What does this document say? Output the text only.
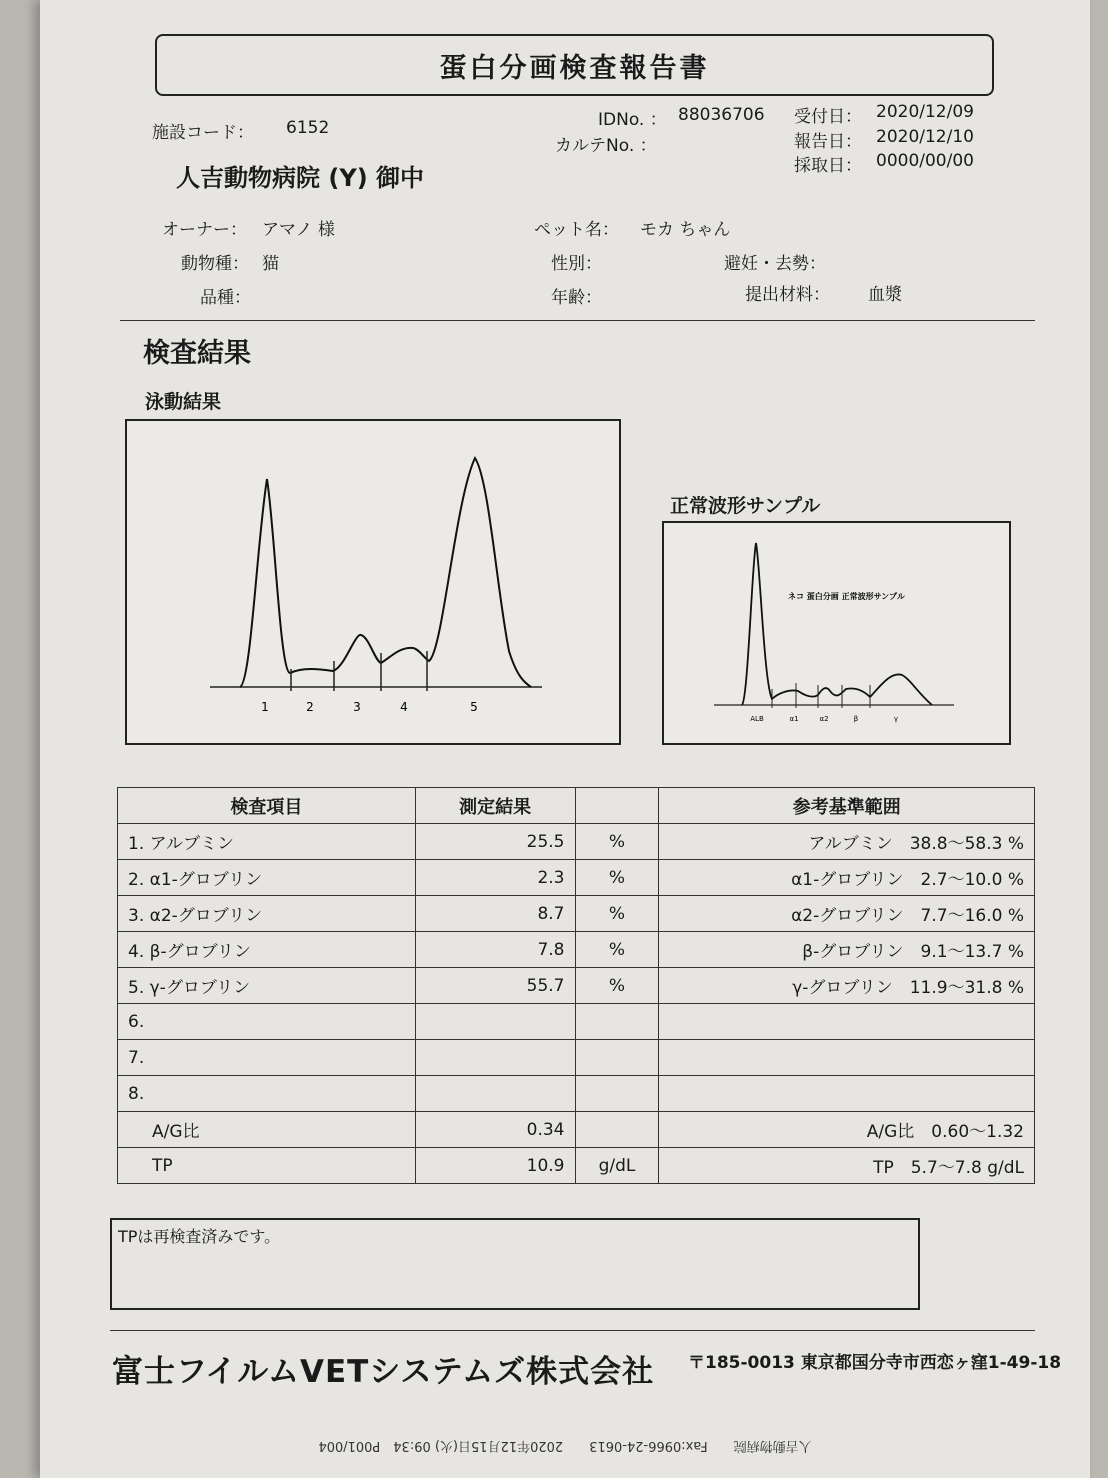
蛋白分画検査報告書
施設コード： 6152	IDNo. ： 88036706
カルテNo. ：
受付日： 2020/12/09
報告日： 2020/12/10
採取日： 0000/00/00
人吉動物病院 (Y) 御中
オーナー： アマノ 様	ペット名： モカ ちゃん
動物種： 猫	性別：	避妊・去勢：
品種：	年齢：	提出材料： 血漿
検査結果
泳動結果
1	2	3	4	5
正常波形サンプル
ネコ 蛋白分画 正常波形サンプル
ALB	α1	α2	β	γ
検査項目	測定結果		参考基準範囲
1. アルブミン	25.5	%	アルブミン　38.8～58.3 %
2. α1-グロブリン	2.3	%	α1-グロブリン　2.7～10.0 %
3. α2-グロブリン	8.7	%	α2-グロブリン　7.7～16.0 %
4. β-グロブリン	7.8	%	β-グロブリン　9.1～13.7 %
5. γ-グロブリン	55.7	%	γ-グロブリン　11.9～31.8 %
6.			
7.			
8.			
A/G比	0.34		A/G比　0.60～1.32
TP	10.9	g/dL	TP　5.7～7.8 g/dL
TPは再検査済みです。
富士フイルムVETシステムズ株式会社 〒185-0013 東京都国分寺市西恋ヶ窪1-49-18
人吉動物病院　　Fax:0966-24-0613　　2020年12月15日(火) 09:34　P001/004
